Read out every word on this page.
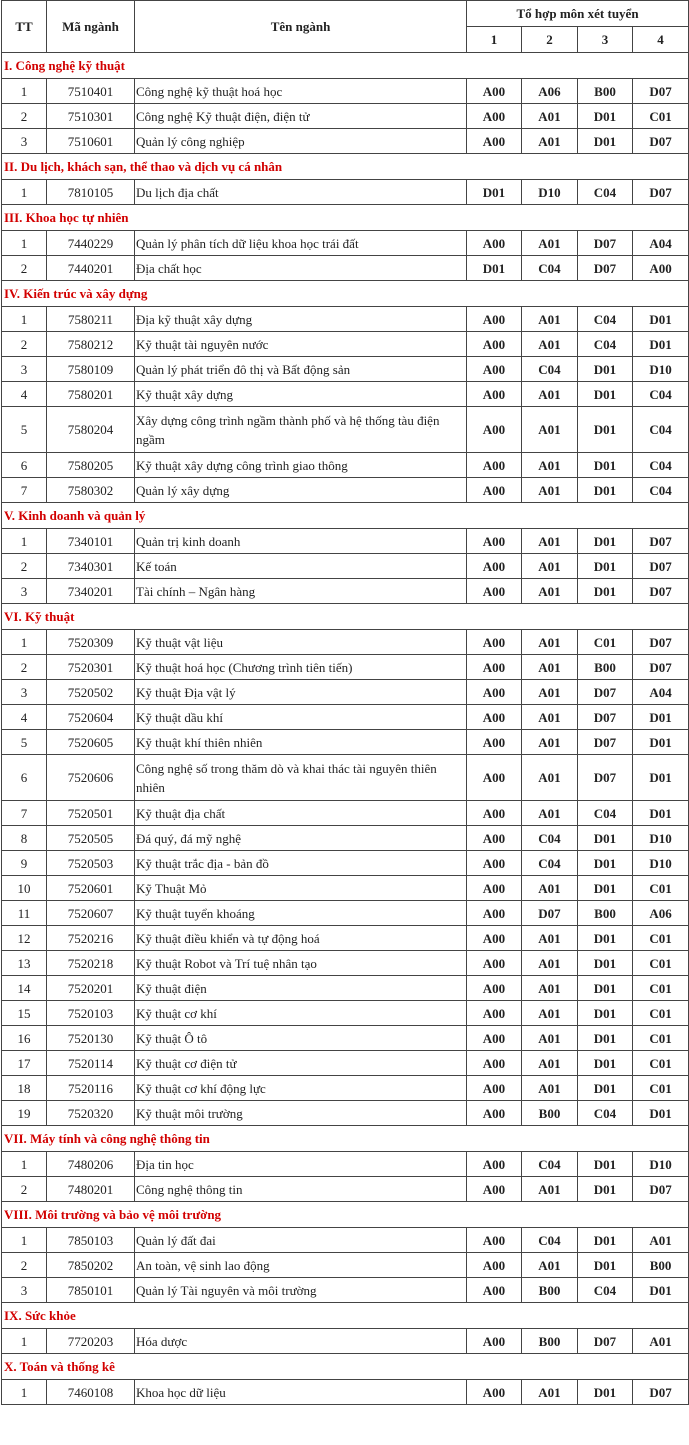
TT	Mã ngành	Tên ngành	Tổ hợp môn xét tuyển			
			1	2	3	4
I. Công nghệ kỹ thuật						
1	7510401	Công nghệ kỹ thuật hoá học	A00	A06	B00	D07
2	7510301	Công nghệ Kỹ thuật điện, điện tử	A00	A01	D01	C01
3	7510601	Quản lý công nghiệp	A00	A01	D01	D07
II. Du lịch, khách sạn, thể thao và dịch vụ cá nhân						
1	7810105	Du lịch địa chất	D01	D10	C04	D07
III. Khoa học tự nhiên						
1	7440229	Quản lý phân tích dữ liệu khoa học trái đất	A00	A01	D07	A04
2	7440201	Địa chất học	D01	C04	D07	A00
IV. Kiến trúc và xây dựng						
1	7580211	Địa kỹ thuật xây dựng	A00	A01	C04	D01
2	7580212	Kỹ thuật tài nguyên nước	A00	A01	C04	D01
3	7580109	Quản lý phát triển đô thị và Bất động sản	A00	C04	D01	D10
4	7580201	Kỹ thuật xây dựng	A00	A01	D01	C04
5	7580204	Xây dựng công trình ngầm thành phố và hệ thống tàu điện ngầm	A00	A01	D01	C04
6	7580205	Kỹ thuật xây dựng công trình giao thông	A00	A01	D01	C04
7	7580302	Quản lý xây dựng	A00	A01	D01	C04
V. Kinh doanh và quản lý						
1	7340101	Quản trị kinh doanh	A00	A01	D01	D07
2	7340301	Kế toán	A00	A01	D01	D07
3	7340201	Tài chính – Ngân hàng	A00	A01	D01	D07
VI. Kỹ thuật						
1	7520309	Kỹ thuật vật liệu	A00	A01	C01	D07
2	7520301	Kỹ thuật hoá học (Chương trình tiên tiến)	A00	A01	B00	D07
3	7520502	Kỹ thuật Địa vật lý	A00	A01	D07	A04
4	7520604	Kỹ thuật dầu khí	A00	A01	D07	D01
5	7520605	Kỹ thuật khí thiên nhiên	A00	A01	D07	D01
6	7520606	Công nghệ số trong thăm dò và khai thác tài nguyên thiên nhiên	A00	A01	D07	D01
7	7520501	Kỹ thuật địa chất	A00	A01	C04	D01
8	7520505	Đá quý, đá mỹ nghệ	A00	C04	D01	D10
9	7520503	Kỹ thuật trắc địa - bản đồ	A00	C04	D01	D10
10	7520601	Kỹ Thuật Mỏ	A00	A01	D01	C01
11	7520607	Kỹ thuật tuyển khoáng	A00	D07	B00	A06
12	7520216	Kỹ thuật điều khiển và tự động hoá	A00	A01	D01	C01
13	7520218	Kỹ thuật Robot và Trí tuệ nhân tạo	A00	A01	D01	C01
14	7520201	Kỹ thuật điện	A00	A01	D01	C01
15	7520103	Kỹ thuật cơ khí	A00	A01	D01	C01
16	7520130	Kỹ thuật Ô tô	A00	A01	D01	C01
17	7520114	Kỹ thuật cơ điện tử	A00	A01	D01	C01
18	7520116	Kỹ thuật cơ khí động lực	A00	A01	D01	C01
19	7520320	Kỹ thuật môi trường	A00	B00	C04	D01
VII. Máy tính và công nghệ thông tin						
1	7480206	Địa tin học	A00	C04	D01	D10
2	7480201	Công nghệ thông tin	A00	A01	D01	D07
VIII. Môi trường và bảo vệ môi trường						
1	7850103	Quản lý đất đai	A00	C04	D01	A01
2	7850202	An toàn, vệ sinh lao động	A00	A01	D01	B00
3	7850101	Quản lý Tài nguyên và môi trường	A00	B00	C04	D01
IX. Sức khỏe						
1	7720203	Hóa dược	A00	B00	D07	A01
X. Toán và thống kê						
1	7460108	Khoa học dữ liệu	A00	A01	D01	D07
